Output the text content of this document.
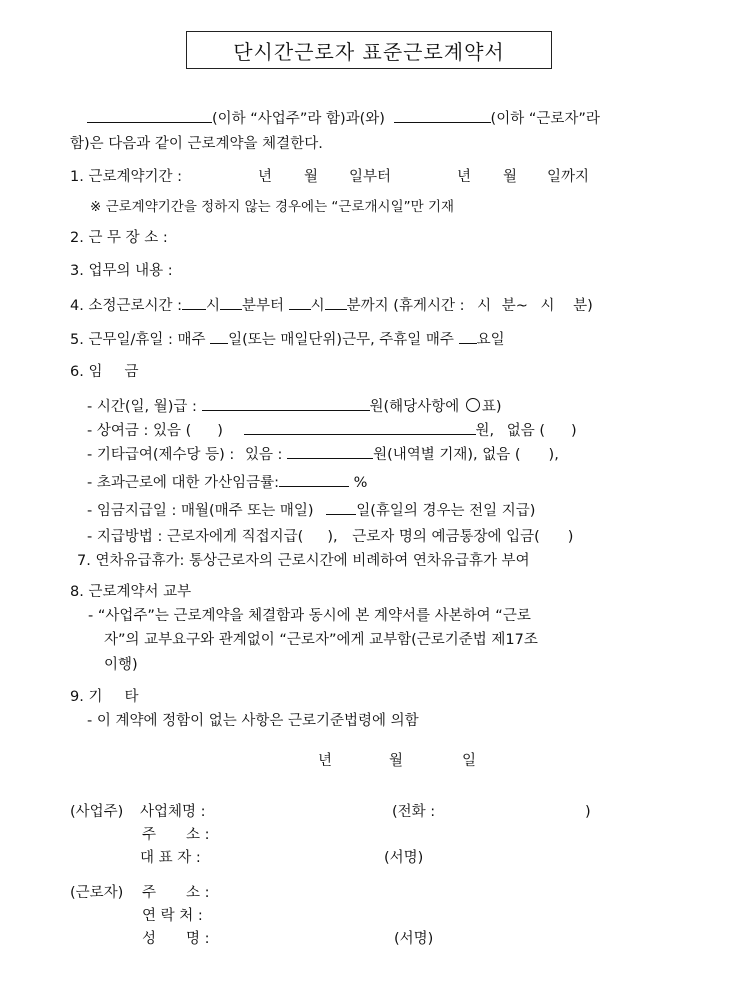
단시간근로자 표준근로계약서
(이하 “사업주”라 함)과(와)	(이하 “근로자”라
함)은 다음과 같이 근로계약을 체결한다.
1. 근로계약기간 :	년 월 일부터	년 월 일까지
※ 근로계약기간을 정하지 않는 경우에는 “근로개시일”만 기재
2. 근 무 장 소 :
3. 업무의 내용 :
4. 소정근로시간 : 시 분부터 시 분까지 (휴게시간 : 시 분~ 시 분)
5. 근무일/휴일 : 매주 일(또는 매일단위)근무, 주휴일 매주 요일
6. 임 금
- 시간(일, 월)급 :	원(해당사항에 ○ 표)
- 상여금 : 있음 ( )	원, 없음 ( )
- 기타급여(제수당 등) : 있음 :	원(내역별 기재), 없음 ( ),
- 초과근로에 대한 가산임금률:	%
- 임금지급일 : 매월(매주 또는 매일)	일(휴일의 경우는 전일 지급)
- 지급방법 : 근로자에게 직접지급( ), 근로자 명의 예금통장에 입금( )
7. 연차유급휴가: 통상근로자의 근로시간에 비례하여 연차유급휴가 부여
8. 근로계약서 교부
- “사업주”는 근로계약을 체결함과 동시에 본 계약서를 사본하여 “근로
자”의 교부요구와 관계없이 “근로자”에게 교부함(근로기준법 제17조
이행)
9. 기 타
- 이 계약에 정함이 없는 사항은 근로기준법령에 의함
년	월	일
(사업주) 사업체명 :	(전화 :	)
주 소 :
대 표 자 :	(서명)
(근로자) 주 소 :
연 락 처 :
성 명 :	(서명)
